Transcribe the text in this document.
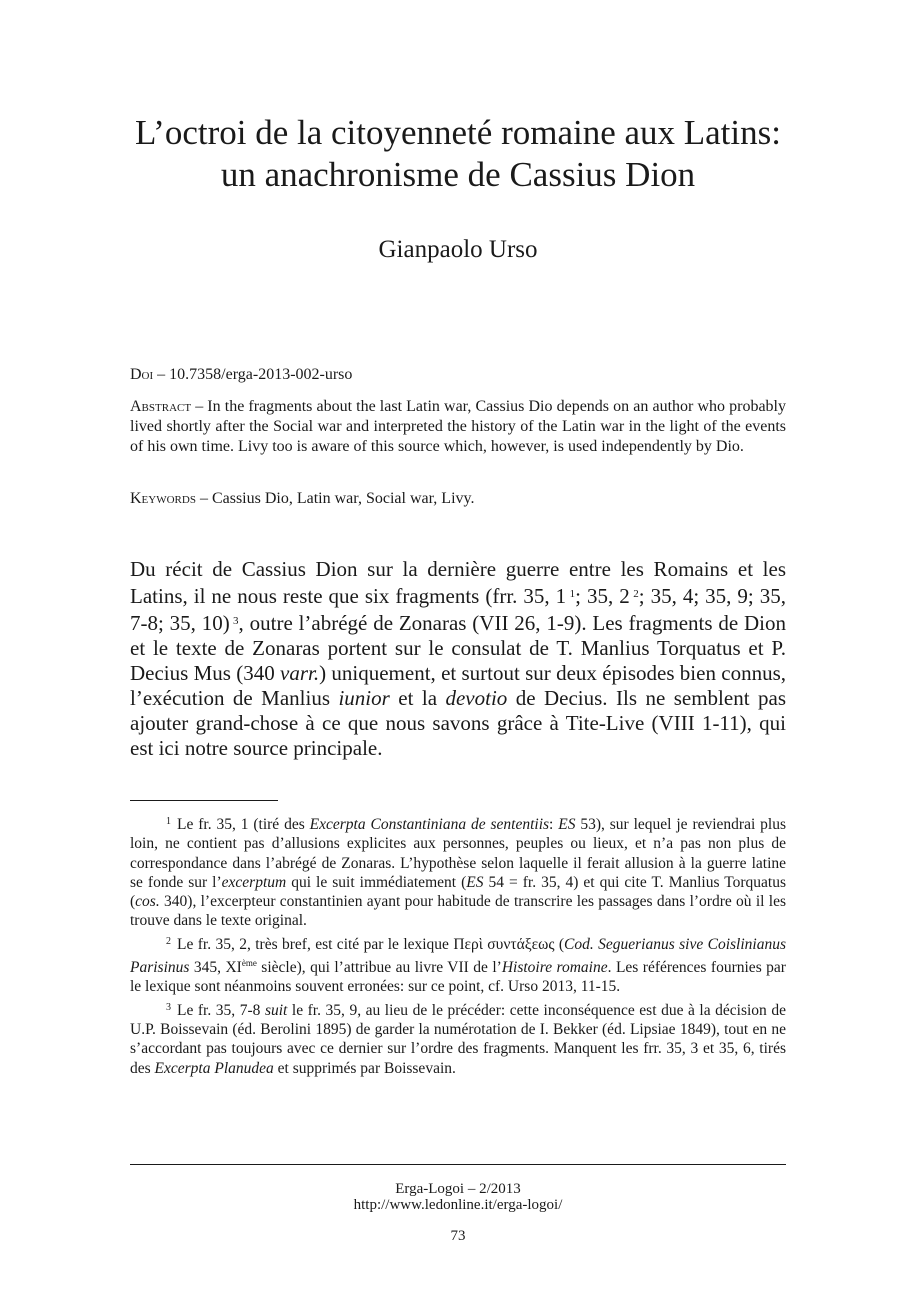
L’octroi de la citoyenneté romaine aux Latins:
un anachronisme de Cassius Dion

Gianpaolo Urso

Doi – 10.7358/erga-2013-002-urso

Abstract – In the fragments about the last Latin war, Cassius Dio depends on an author who probably lived shortly after the Social war and interpreted the history of the Latin war in the light of the events of his own time. Livy too is aware of this source which, however, is used independently by Dio.

Keywords – Cassius Dio, Latin war, Social war, Livy.

Du récit de Cassius Dion sur la dernière guerre entre les Romains et les Latins, il ne nous reste que six fragments (frr. 35, 1 $^1$; 35, 2 $^2$; 35, 4; 35, 9; 35, 7-8; 35, 10) $^3$, outre l’abrégé de Zonaras (VII 26, 1-9). Les fragments de Dion et le texte de Zonaras portent sur le consulat de T. Manlius Torquatus et P. Decius Mus (340 varr.) uniquement, et surtout sur deux épisodes bien connus, l’exécution de Manlius iunior et la devotio de Decius. Ils ne semblent pas ajouter grand-chose à ce que nous savons grâce à Tite-Live (VIII 1-11), qui est ici notre source principale.

$^1$ Le fr. 35, 1 (tiré des Excerpta Constantiniana de sententiis: ES 53), sur lequel je reviendrai plus loin, ne contient pas d’allusions explicites aux personnes, peuples ou lieux, et n’a pas non plus de correspondance dans l’abrégé de Zonaras. L’hypothèse selon laquelle il ferait allusion à la guerre latine se fonde sur l’excerptum qui le suit immédiatement (ES 54 = fr. 35, 4) et qui cite T. Manlius Torquatus (cos. 340), l’excerpteur constantinien ayant pour habitude de transcrire les passages dans l’ordre où il les trouve dans le texte original.

$^2$ Le fr. 35, 2, très bref, est cité par le lexique Περὶ συντάξεως (Cod. Seguerianus sive Coislinianus Parisinus 345, XIème siècle), qui l’attribue au livre VII de l’Histoire romaine. Les références fournies par le lexique sont néanmoins souvent erronées: sur ce point, cf. Urso 2013, 11-15.

$^3$ Le fr. 35, 7-8 suit le fr. 35, 9, au lieu de le précéder: cette inconséquence est due à la décision de U.P. Boissevain (éd. Berolini 1895) de garder la numérotation de I. Bekker (éd. Lipsiae 1849), tout en ne s’accordant pas toujours avec ce dernier sur l’ordre des fragments. Manquent les frr. 35, 3 et 35, 6, tirés des Excerpta Planudea et supprimés par Boissevain.

Erga-Logoi – 2/2013
http://www.ledonline.it/erga-logoi/
73
